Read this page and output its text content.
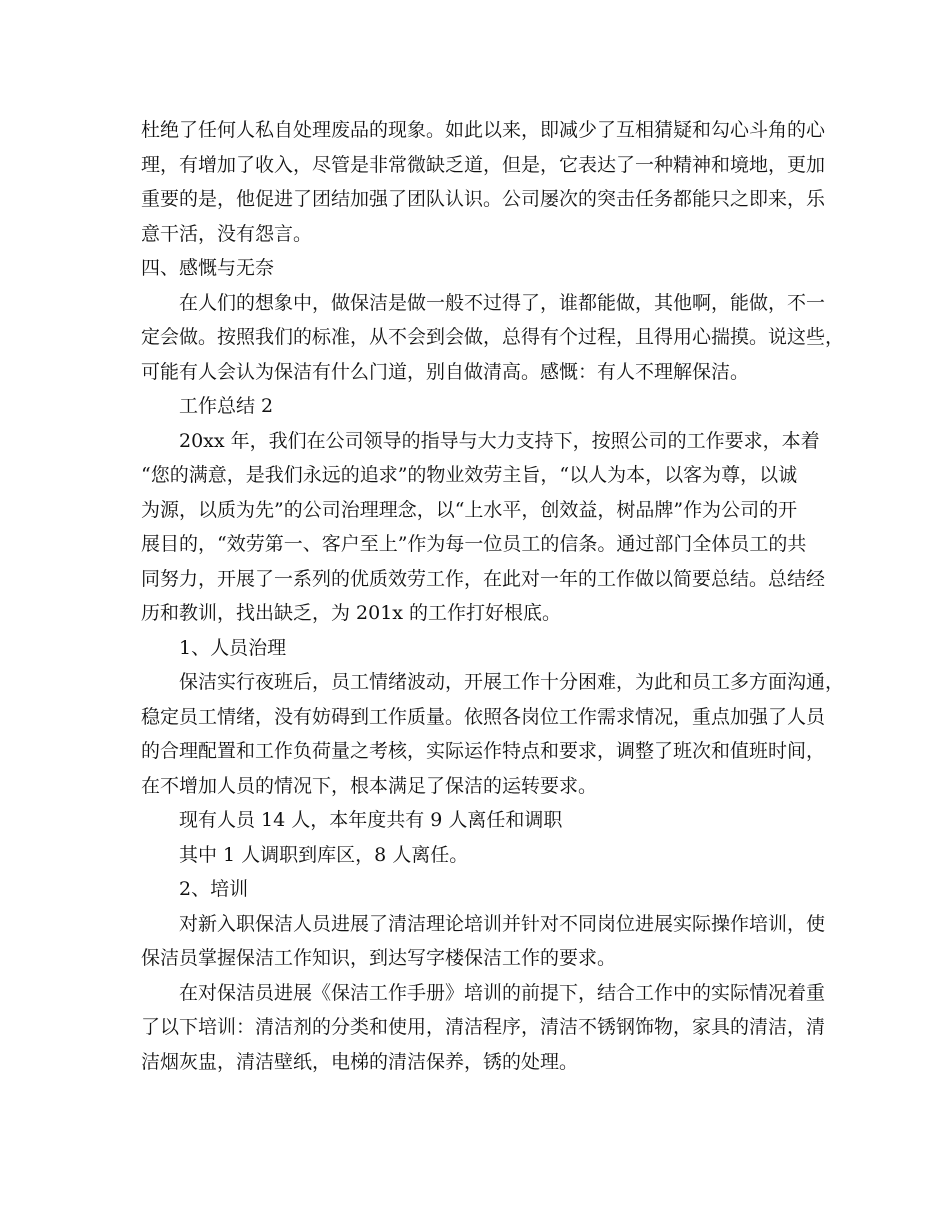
杜绝了任何人私自处理废品的现象。如此以来，即减少了互相猜疑和勾心斗角的心
理，有增加了收入，尽管是非常微缺乏道，但是，它表达了一种精神和境地，更加
重要的是，他促进了团结加强了团队认识。公司屡次的突击任务都能只之即来，乐
意干活，没有怨言。

四、感慨与无奈

在人们的想象中，做保洁是做一般不过得了，谁都能做，其他啊，能做，不一
定会做。按照我们的标准，从不会到会做，总得有个过程，且得用心揣摸。说这些，
可能有人会认为保洁有什么门道，别自做清高。感慨：有人不理解保洁。

工作总结 2

20xx 年，我们在公司领导的指导与大力支持下，按照公司的工作要求，本着
“您的满意，是我们永远的追求”的物业效劳主旨，“以人为本，以客为尊，以诚
为源，以质为先”的公司治理理念，以“上水平，创效益，树品牌”作为公司的开
展目的，“效劳第一、客户至上”作为每一位员工的信条。通过部门全体员工的共
同努力，开展了一系列的优质效劳工作，在此对一年的工作做以简要总结。总结经
历和教训，找出缺乏，为 201x 的工作打好根底。

1、人员治理

保洁实行夜班后，员工情绪波动，开展工作十分困难，为此和员工多方面沟通，
稳定员工情绪，没有妨碍到工作质量。依照各岗位工作需求情况，重点加强了人员
的合理配置和工作负荷量之考核，实际运作特点和要求，调整了班次和值班时间，
在不增加人员的情况下，根本满足了保洁的运转要求。

现有人员 14 人，本年度共有 9 人离任和调职

其中 1 人调职到库区，8 人离任。

2、培训

对新入职保洁人员进展了清洁理论培训并针对不同岗位进展实际操作培训，使
保洁员掌握保洁工作知识，到达写字楼保洁工作的要求。

在对保洁员进展《保洁工作手册》培训的前提下，结合工作中的实际情况着重
了以下培训：清洁剂的分类和使用，清洁程序，清洁不锈钢饰物，家具的清洁，清
洁烟灰盅，清洁壁纸，电梯的清洁保养，锈的处理。
